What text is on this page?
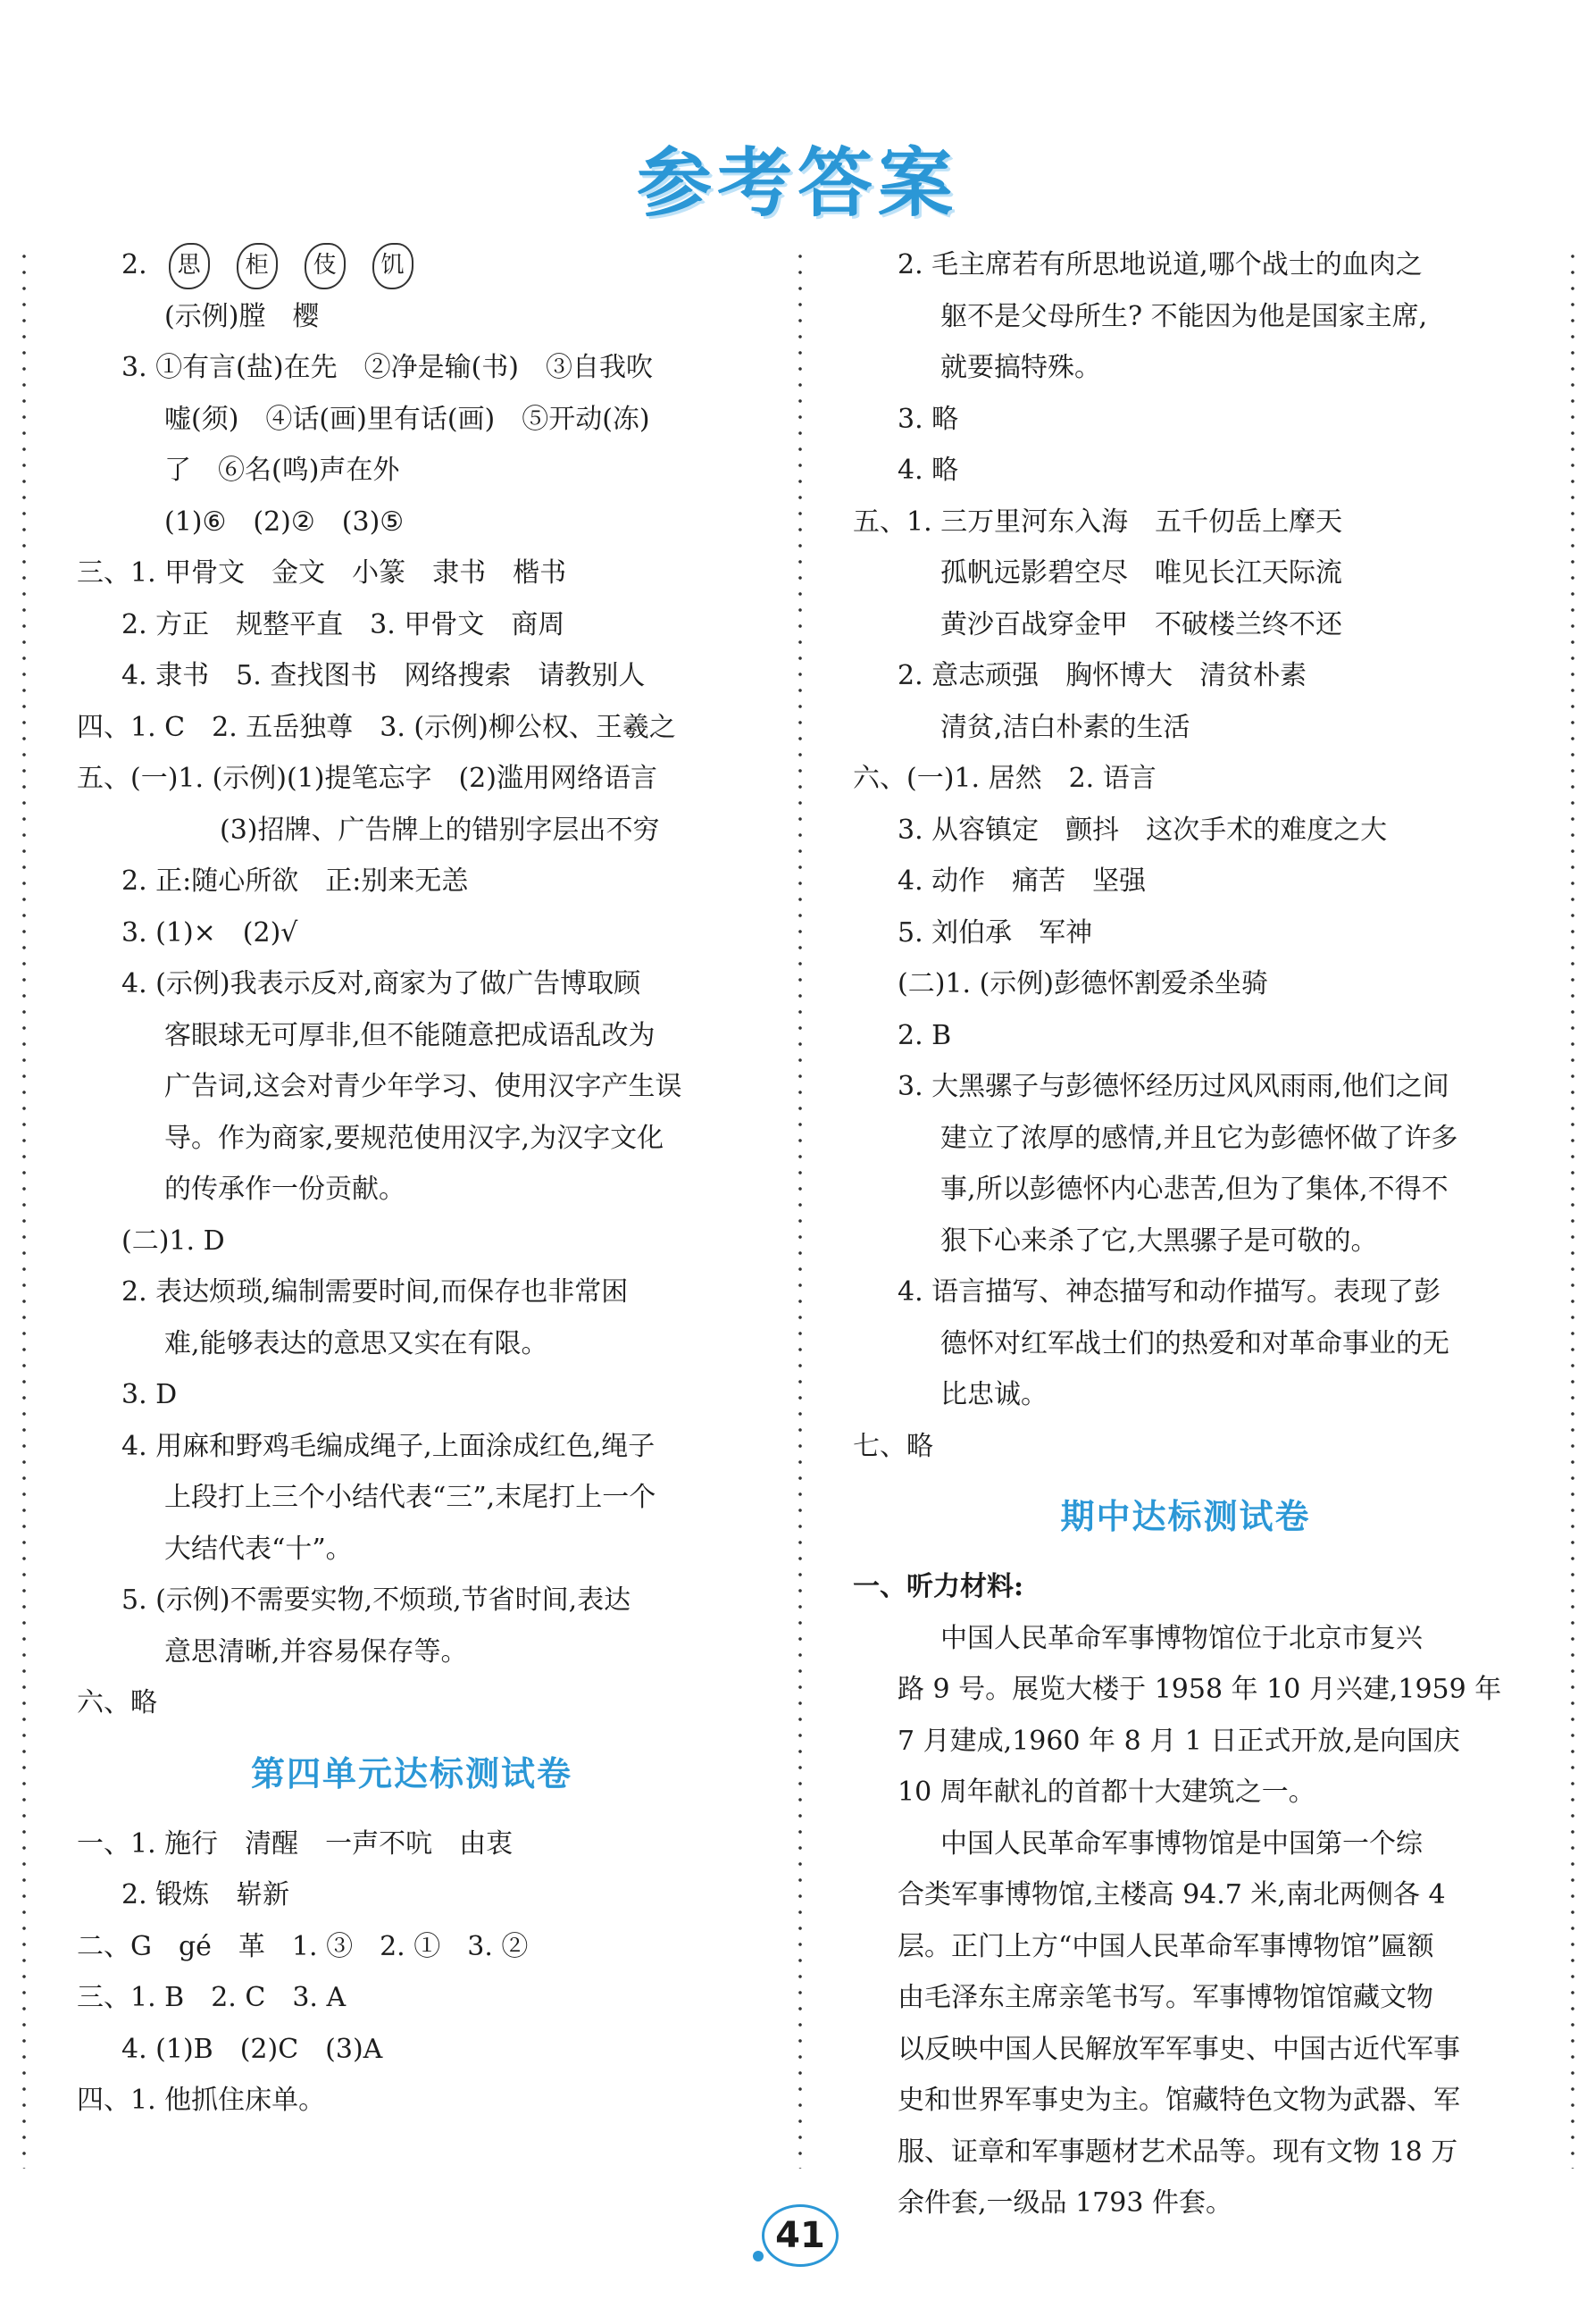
参考答案
2. 思 柜 伎 饥
(示例)膛　樱
3. ①有言(盐)在先　②净是输(书)　③自我吹
嘘(须)　④话(画)里有话(画)　⑤开动(冻)
了　⑥名(鸣)声在外
(1)⑥　(2)②　(3)⑤
三、1. 甲骨文　金文　小篆　隶书　楷书
2. 方正　规整平直　3. 甲骨文　商周
4. 隶书　5. 查找图书　网络搜索　请教别人
四、1. C　2. 五岳独尊　3. (示例)柳公权、王羲之
五、(一)1. (示例)(1)提笔忘字　(2)滥用网络语言
(3)招牌、广告牌上的错别字层出不穷
2. 正:随心所欲　正:别来无恙
3. (1)×　(2)√
4. (示例)我表示反对,商家为了做广告博取顾
客眼球无可厚非,但不能随意把成语乱改为
广告词,这会对青少年学习、使用汉字产生误
导。作为商家,要规范使用汉字,为汉字文化
的传承作一份贡献。
(二)1. D
2. 表达烦琐,编制需要时间,而保存也非常困
难,能够表达的意思又实在有限。
3. D
4. 用麻和野鸡毛编成绳子,上面涂成红色,绳子
上段打上三个小结代表“三”,末尾打上一个
大结代表“十”。
5. (示例)不需要实物,不烦琐,节省时间,表达
意思清晰,并容易保存等。
六、略
第四单元达标测试卷
一、1. 施行　清醒　一声不吭　由衷
2. 锻炼　崭新
二、G　gé　革　1. ③　2. ①　3. ②
三、1. B　2. C　3. A
4. (1)B　(2)C　(3)A
四、1. 他抓住床单。
2. 毛主席若有所思地说道,哪个战士的血肉之
躯不是父母所生? 不能因为他是国家主席,
就要搞特殊。
3. 略
4. 略
五、1. 三万里河东入海　五千仞岳上摩天
孤帆远影碧空尽　唯见长江天际流
黄沙百战穿金甲　不破楼兰终不还
2. 意志顽强　胸怀博大　清贫朴素
清贫,洁白朴素的生活
六、(一)1. 居然　2. 语言
3. 从容镇定　颤抖　这次手术的难度之大
4. 动作　痛苦　坚强
5. 刘伯承　军神
(二)1. (示例)彭德怀割爱杀坐骑
2. B
3. 大黑骡子与彭德怀经历过风风雨雨,他们之间
建立了浓厚的感情,并且它为彭德怀做了许多
事,所以彭德怀内心悲苦,但为了集体,不得不
狠下心来杀了它,大黑骡子是可敬的。
4. 语言描写、神态描写和动作描写。表现了彭
德怀对红军战士们的热爱和对革命事业的无
比忠诚。
七、略
期中达标测试卷
一、听力材料:
中国人民革命军事博物馆位于北京市复兴
路 9 号。展览大楼于 1958 年 10 月兴建,1959 年
7 月建成,1960 年 8 月 1 日正式开放,是向国庆
10 周年献礼的首都十大建筑之一。
中国人民革命军事博物馆是中国第一个综
合类军事博物馆,主楼高 94.7 米,南北两侧各 4
层。正门上方“中国人民革命军事博物馆”匾额
由毛泽东主席亲笔书写。军事博物馆馆藏文物
以反映中国人民解放军军事史、中国古近代军事
史和世界军事史为主。馆藏特色文物为武器、军
服、证章和军事题材艺术品等。现有文物 18 万
余件套,一级品 1793 件套。
41
